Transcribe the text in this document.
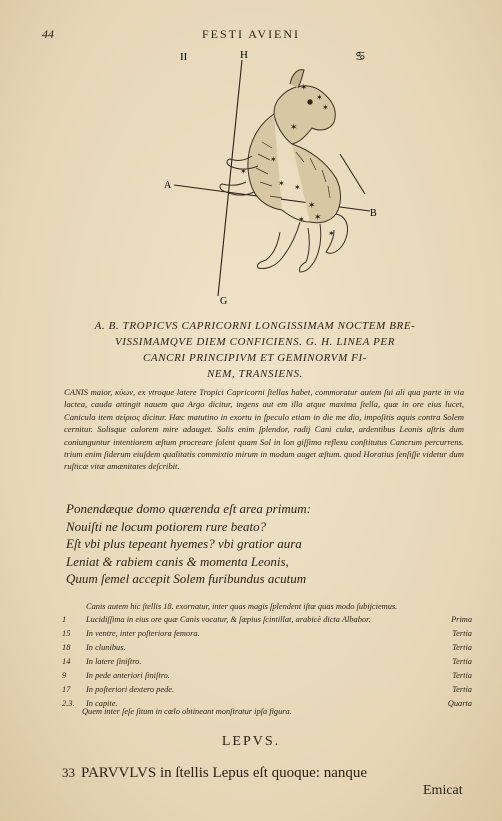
44	FESTI AVIENI
✶
✶
✶
✶
✶
✶ ✶
✶
✶
✶
✶
✶
II	H	♋
A
B
G
A. B. TROPICVS CAPRICORNI LONGISSIMAM NOCTEM BRE-
VISSIMAMQVE DIEM CONFICIENS. G. H. LINEA PER
CANCRI PRINCIPIVM ET GEMINORVM FI-
NEM, TRANSIENS.
CANIS maior, κύων, ex vtroque latere Tropici Capricorni ſtellas habet, commoratur autem ſui ali qua parte in via lactea, cauda attingit nauem qua Argo dicitur, ingens aut em illa atque maxima ſtella, quæ in ore eius lucet, Canicula item σείριος dicitur. Hæc matutino in exortu in ſpeculo etiam in die me dio, impoſitis aquis contra Solem cernitur. Solisque calorem mire adauget. Solis enim ſplendor, radij Cani culæ, ardentibus Leonis aſtris dum coniunguntur intentiorem æſtum procreare ſolent quam Sol in lon giſſimo reflexu conſtitutus Cancrum percurrens. trium enim ſiderum eiuſdem qualitatis commixtio mirum in modum auget æſtum. quod Horatius ſenſiſſe videtur dum ruſticæ vitæ amænitates deſcribit.
Ponendæque domo quærenda eſt area primum:
Nouiſti ne locum potiorem rure beato?
Eſt vbi plus tepeant hyemes? vbi gratior aura
Leniat & rabiem canis & momenta Leonis,
Quum ſemel accepit Solem furibundus acutum
Canis autem hic ſtellis 18. exornatur, inter quas magis ſplendent iſtæ quas modo ſubijciemus.
1	Lucidiſſima in eius ore quæ Canis vocatur, & ſæpius ſcintillat, arabicè dicta Albabor.	Prima
15	In ventre, inter poſteriora femora.	Tertia
18	In clunibus.	Tertia
14	In latere ſiniſtro.	Tertia
9	In pede anteriori ſiniſtro.	Tertia
17	In poſteriori dextero pede.	Tertia
2.3.	In capite.	Quarta
Quem inter ſeſe ſitum in cœlo obtineant monſtratur ipſa figura.
LEPVS.
33 PARVVLVS in ſtellis Lepus eſt quoque: nanque
Emicat
